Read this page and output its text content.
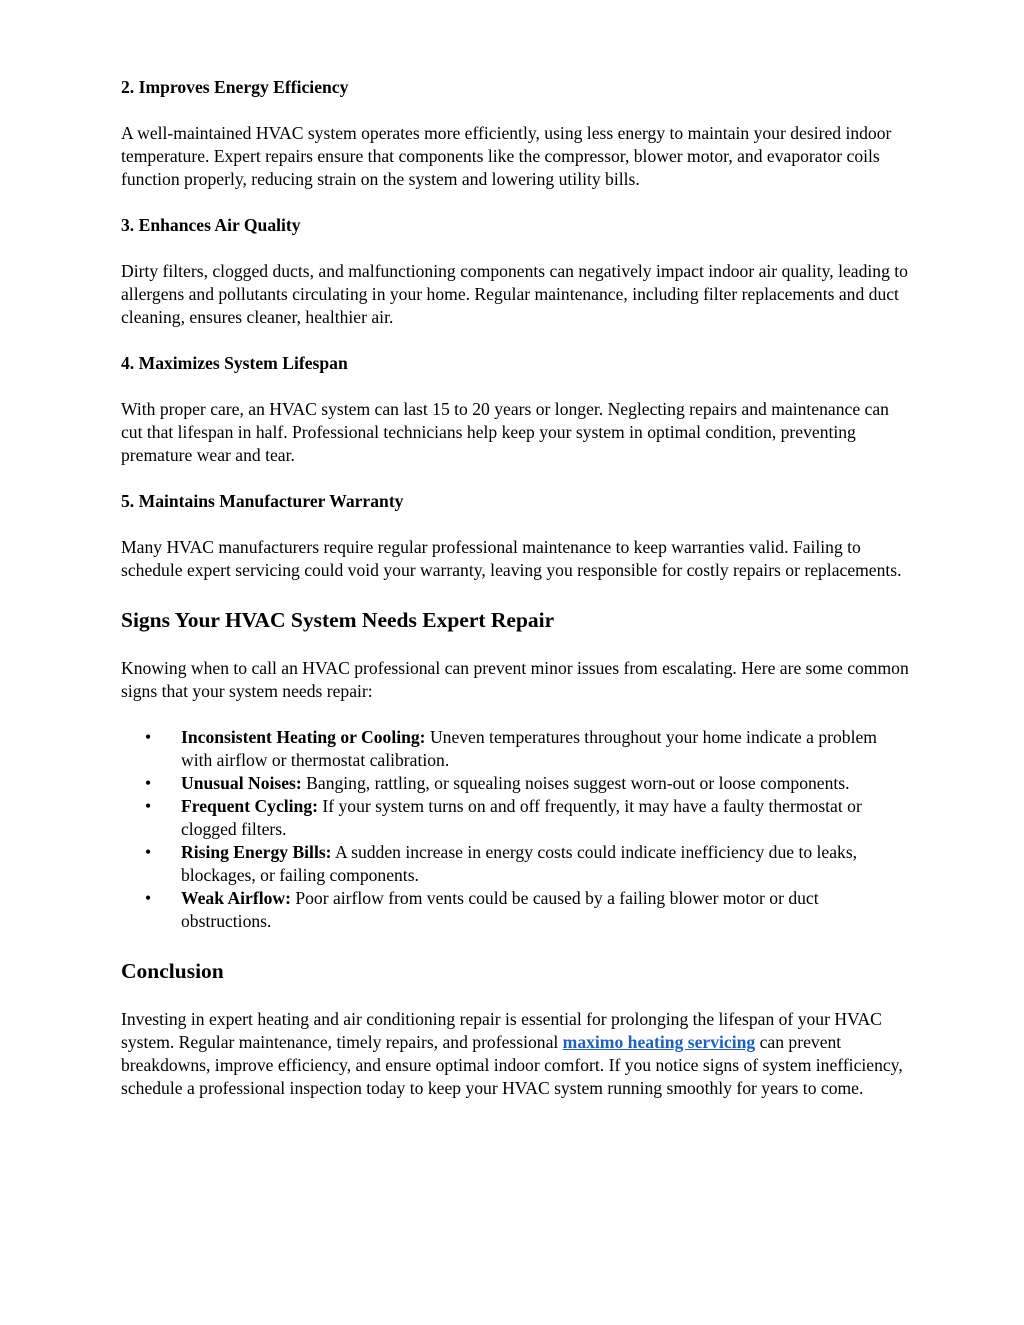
2. Improves Energy Efficiency

A well-maintained HVAC system operates more efficiently, using less energy to maintain your desired indoor temperature. Expert repairs ensure that components like the compressor, blower motor, and evaporator coils function properly, reducing strain on the system and lowering utility bills.

3. Enhances Air Quality

Dirty filters, clogged ducts, and malfunctioning components can negatively impact indoor air quality, leading to allergens and pollutants circulating in your home. Regular maintenance, including filter replacements and duct cleaning, ensures cleaner, healthier air.

4. Maximizes System Lifespan

With proper care, an HVAC system can last 15 to 20 years or longer. Neglecting repairs and maintenance can cut that lifespan in half. Professional technicians help keep your system in optimal condition, preventing premature wear and tear.

5. Maintains Manufacturer Warranty

Many HVAC manufacturers require regular professional maintenance to keep warranties valid. Failing to schedule expert servicing could void your warranty, leaving you responsible for costly repairs or replacements.

Signs Your HVAC System Needs Expert Repair

Knowing when to call an HVAC professional can prevent minor issues from escalating. Here are some common signs that your system needs repair:

• Inconsistent Heating or Cooling: Uneven temperatures throughout your home indicate a problem with airflow or thermostat calibration.
• Unusual Noises: Banging, rattling, or squealing noises suggest worn-out or loose components.
• Frequent Cycling: If your system turns on and off frequently, it may have a faulty thermostat or clogged filters.
• Rising Energy Bills: A sudden increase in energy costs could indicate inefficiency due to leaks, blockages, or failing components.
• Weak Airflow: Poor airflow from vents could be caused by a failing blower motor or duct obstructions.
Conclusion

Investing in expert heating and air conditioning repair is essential for prolonging the lifespan of your HVAC system. Regular maintenance, timely repairs, and professional maximo heating servicing can prevent breakdowns, improve efficiency, and ensure optimal indoor comfort. If you notice signs of system inefficiency, schedule a professional inspection today to keep your HVAC system running smoothly for years to come.
